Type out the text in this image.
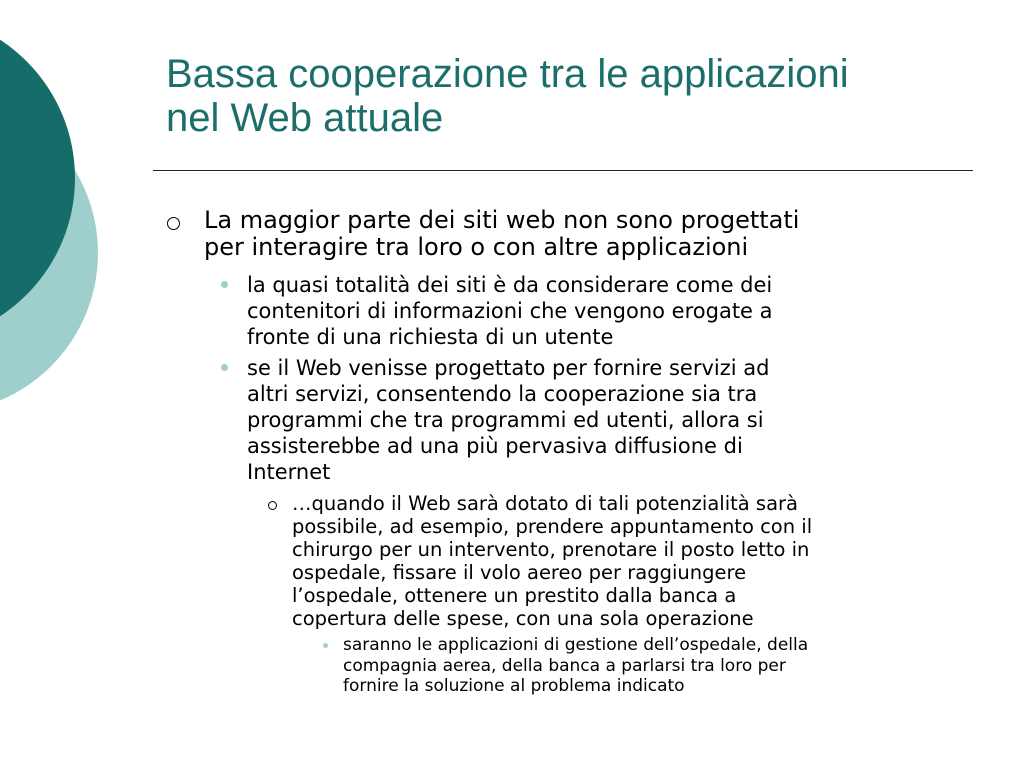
Bassa cooperazione tra le applicazioni
nel Web attuale
La maggior parte dei siti web non sono progettati
per interagire tra loro o con altre applicazioni
la quasi totalità dei siti è da considerare come dei
contenitori di informazioni che vengono erogate a
fronte di una richiesta di un utente
se il Web venisse progettato per fornire servizi ad
altri servizi, consentendo la cooperazione sia tra
programmi che tra programmi ed utenti, allora si
assisterebbe ad una più pervasiva diffusione di
Internet
…quando il Web sarà dotato di tali potenzialità sarà
possibile, ad esempio, prendere appuntamento con il
chirurgo per un intervento, prenotare il posto letto in
ospedale, fissare il volo aereo per raggiungere
l’ospedale, ottenere un prestito dalla banca a
copertura delle spese, con una sola operazione
saranno le applicazioni di gestione dell’ospedale, della
compagnia aerea, della banca a parlarsi tra loro per
fornire la soluzione al problema indicato
